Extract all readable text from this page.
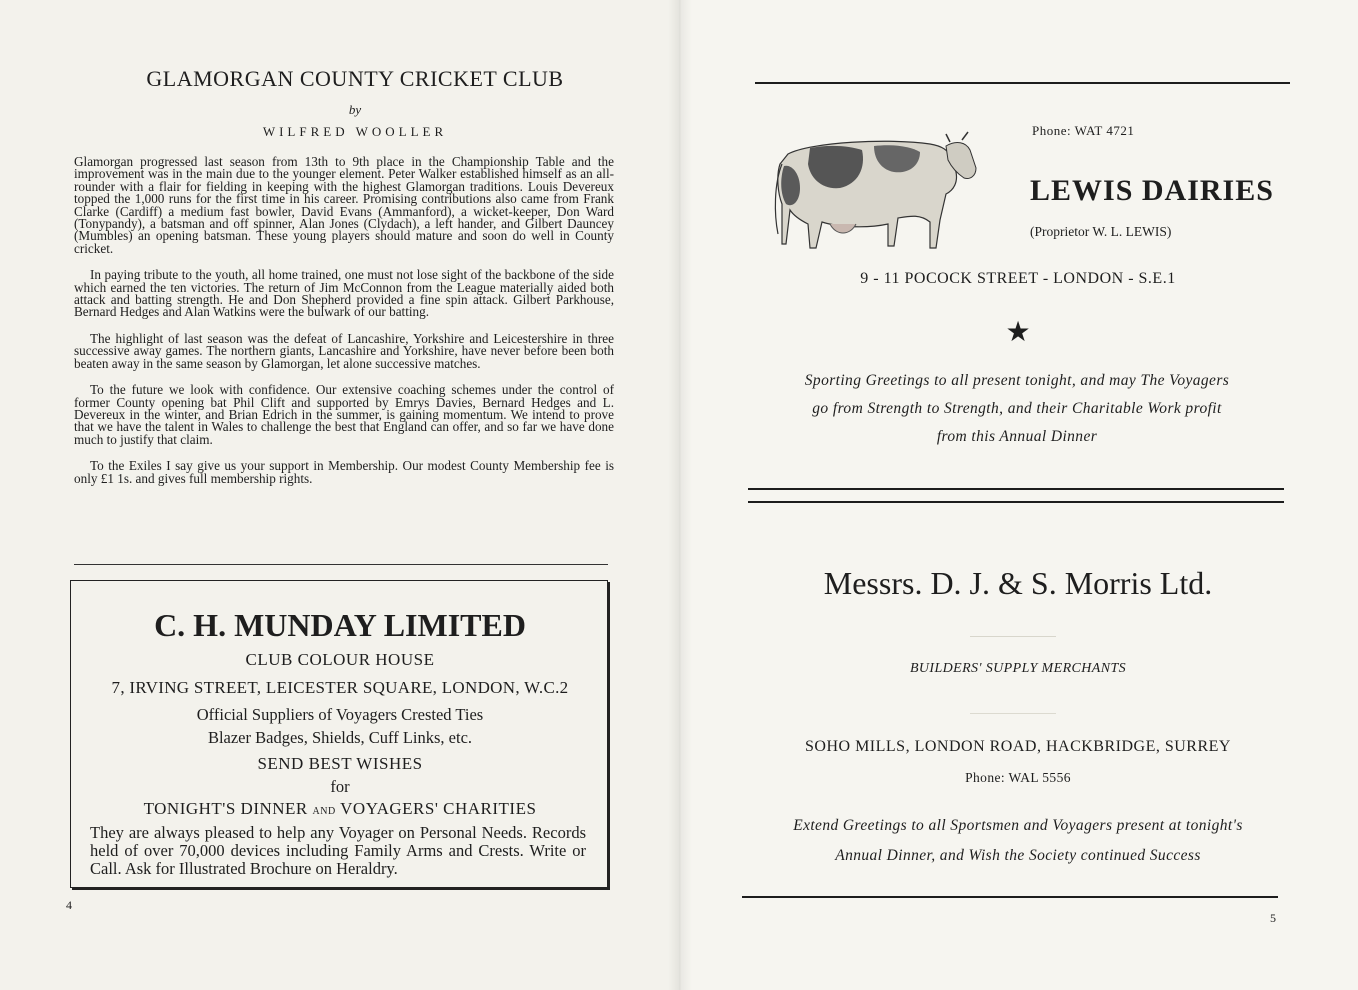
GLAMORGAN COUNTY CRICKET CLUB
by
WILFRED WOOLLER

Glamorgan progressed last season from 13th to 9th place in the Championship Table and the improvement was in the main due to the younger element. Peter Walker established himself as an all-rounder with a flair for fielding in keeping with the highest Glamorgan traditions. Louis Devereux topped the 1,000 runs for the first time in his career. Promising contributions also came from Frank Clarke (Cardiff) a medium fast bowler, David Evans (Ammanford), a wicket-keeper, Don Ward (Tonypandy), a batsman and off spinner, Alan Jones (Clydach), a left hander, and Gilbert Dauncey (Mumbles) an opening batsman. These young players should mature and soon do well in County cricket.

In paying tribute to the youth, all home trained, one must not lose sight of the backbone of the side which earned the ten victories. The return of Jim McConnon from the League materially aided both attack and batting strength. He and Don Shepherd provided a fine spin attack. Gilbert Parkhouse, Bernard Hedges and Alan Watkins were the bulwark of our batting.

The highlight of last season was the defeat of Lancashire, Yorkshire and Leicestershire in three successive away games. The northern giants, Lancashire and Yorkshire, have never before been both beaten away in the same season by Glamorgan, let alone successive matches.

To the future we look with confidence. Our extensive coaching schemes under the control of former County opening bat Phil Clift and supported by Emrys Davies, Bernard Hedges and L. Devereux in the winter, and Brian Edrich in the summer, is gaining momentum. We intend to prove that we have the talent in Wales to challenge the best that England can offer, and so far we have done much to justify that claim.

To the Exiles I say give us your support in Membership. Our modest County Membership fee is only £1 1s. and gives full membership rights.

C. H. MUNDAY LIMITED
CLUB COLOUR HOUSE
7, IRVING STREET, LEICESTER SQUARE, LONDON, W.C.2
Official Suppliers of Voyagers Crested Ties
Blazer Badges, Shields, Cuff Links, etc.
SEND BEST WISHES
for
TONIGHT'S DINNER and VOYAGERS' CHARITIES
They are always pleased to help any Voyager on Personal Needs. Records held of over 70,000 devices including Family Arms and Crests. Write or Call. Ask for Illustrated Brochure on Heraldry.
4
Phone: WAT 4721
LEWIS DAIRIES
(Proprietor W. L. LEWIS)
9 - 11 POCOCK STREET - LONDON - S.E.1
★
Sporting Greetings to all present tonight, and may The Voyagers
go from Strength to Strength, and their Charitable Work profit
from this Annual Dinner
Messrs. D. J. & S. Morris Ltd.
BUILDERS' SUPPLY MERCHANTS
SOHO MILLS, LONDON ROAD, HACKBRIDGE, SURREY
Phone: WAL 5556
Extend Greetings to all Sportsmen and Voyagers present at tonight's
Annual Dinner, and Wish the Society continued Success
5
